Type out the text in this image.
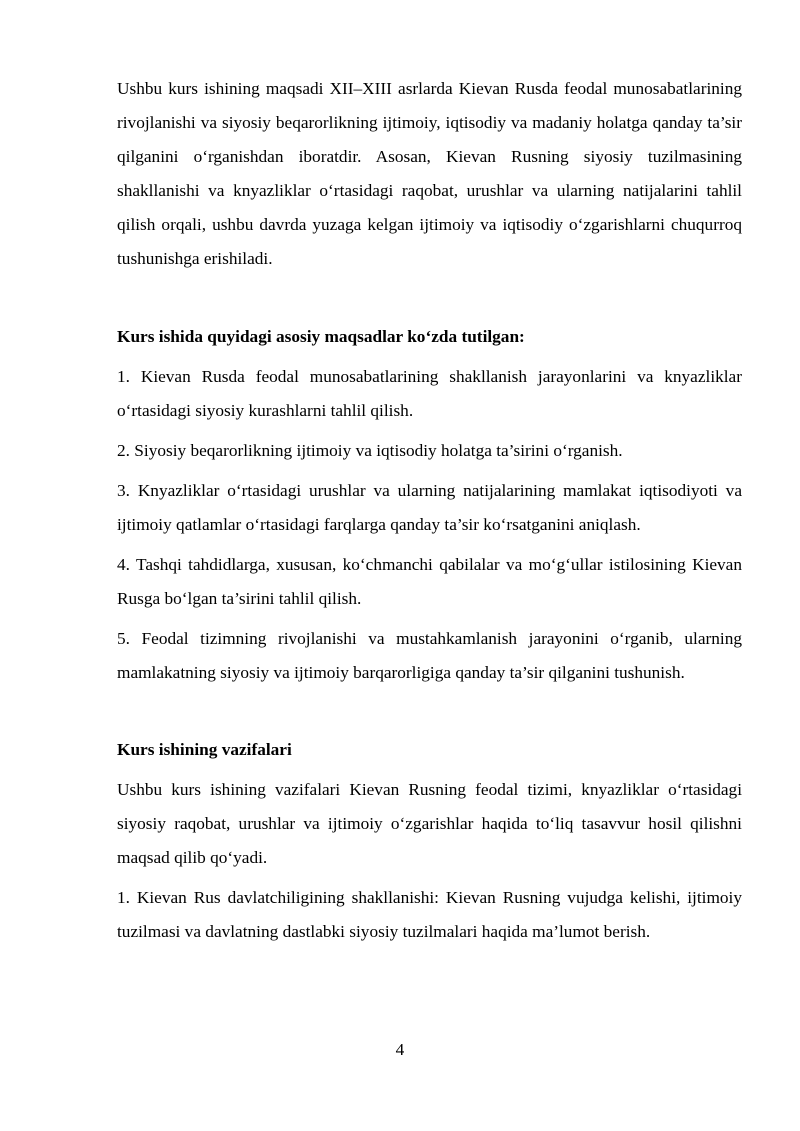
Ushbu kurs ishining maqsadi XII–XIII asrlarda Kievan Rusda feodal munosabatlarining rivojlanishi va siyosiy beqarorlikning ijtimoiy, iqtisodiy va madaniy holatga qanday ta’sir qilganini o‘rganishdan iboratdir. Asosan, Kievan Rusning siyosiy tuzilmasining shakllanishi va knyazliklar o‘rtasidagi raqobat, urushlar va ularning natijalarini tahlil qilish orqali, ushbu davrda yuzaga kelgan ijtimoiy va iqtisodiy o‘zgarishlarni chuqurroq tushunishga erishiladi.

Kurs ishida quyidagi asosiy maqsadlar ko‘zda tutilgan:

1. Kievan Rusda feodal munosabatlarining shakllanish jarayonlarini va knyazliklar o‘rtasidagi siyosiy kurashlarni tahlil qilish.

2. Siyosiy beqarorlikning ijtimoiy va iqtisodiy holatga ta’sirini o‘rganish.

3. Knyazliklar o‘rtasidagi urushlar va ularning natijalarining mamlakat iqtisodiyoti va ijtimoiy qatlamlar o‘rtasidagi farqlarga qanday ta’sir ko‘rsatganini aniqlash.

4. Tashqi tahdidlarga, xususan, ko‘chmanchi qabilalar va mo‘g‘ullar istilosining Kievan Rusga bo‘lgan ta’sirini tahlil qilish.

5. Feodal tizimning rivojlanishi va mustahkamlanish jarayonini o‘rganib, ularning mamlakatning siyosiy va ijtimoiy barqarorligiga qanday ta’sir qilganini tushunish.

Kurs ishining vazifalari

Ushbu kurs ishining vazifalari Kievan Rusning feodal tizimi, knyazliklar o‘rtasidagi siyosiy raqobat, urushlar va ijtimoiy o‘zgarishlar haqida to‘liq tasavvur hosil qilishni maqsad qilib qo‘yadi.

1. Kievan Rus davlatchiligining shakllanishi: Kievan Rusning vujudga kelishi, ijtimoiy tuzilmasi va davlatning dastlabki siyosiy tuzilmalari haqida ma’lumot berish.

4
